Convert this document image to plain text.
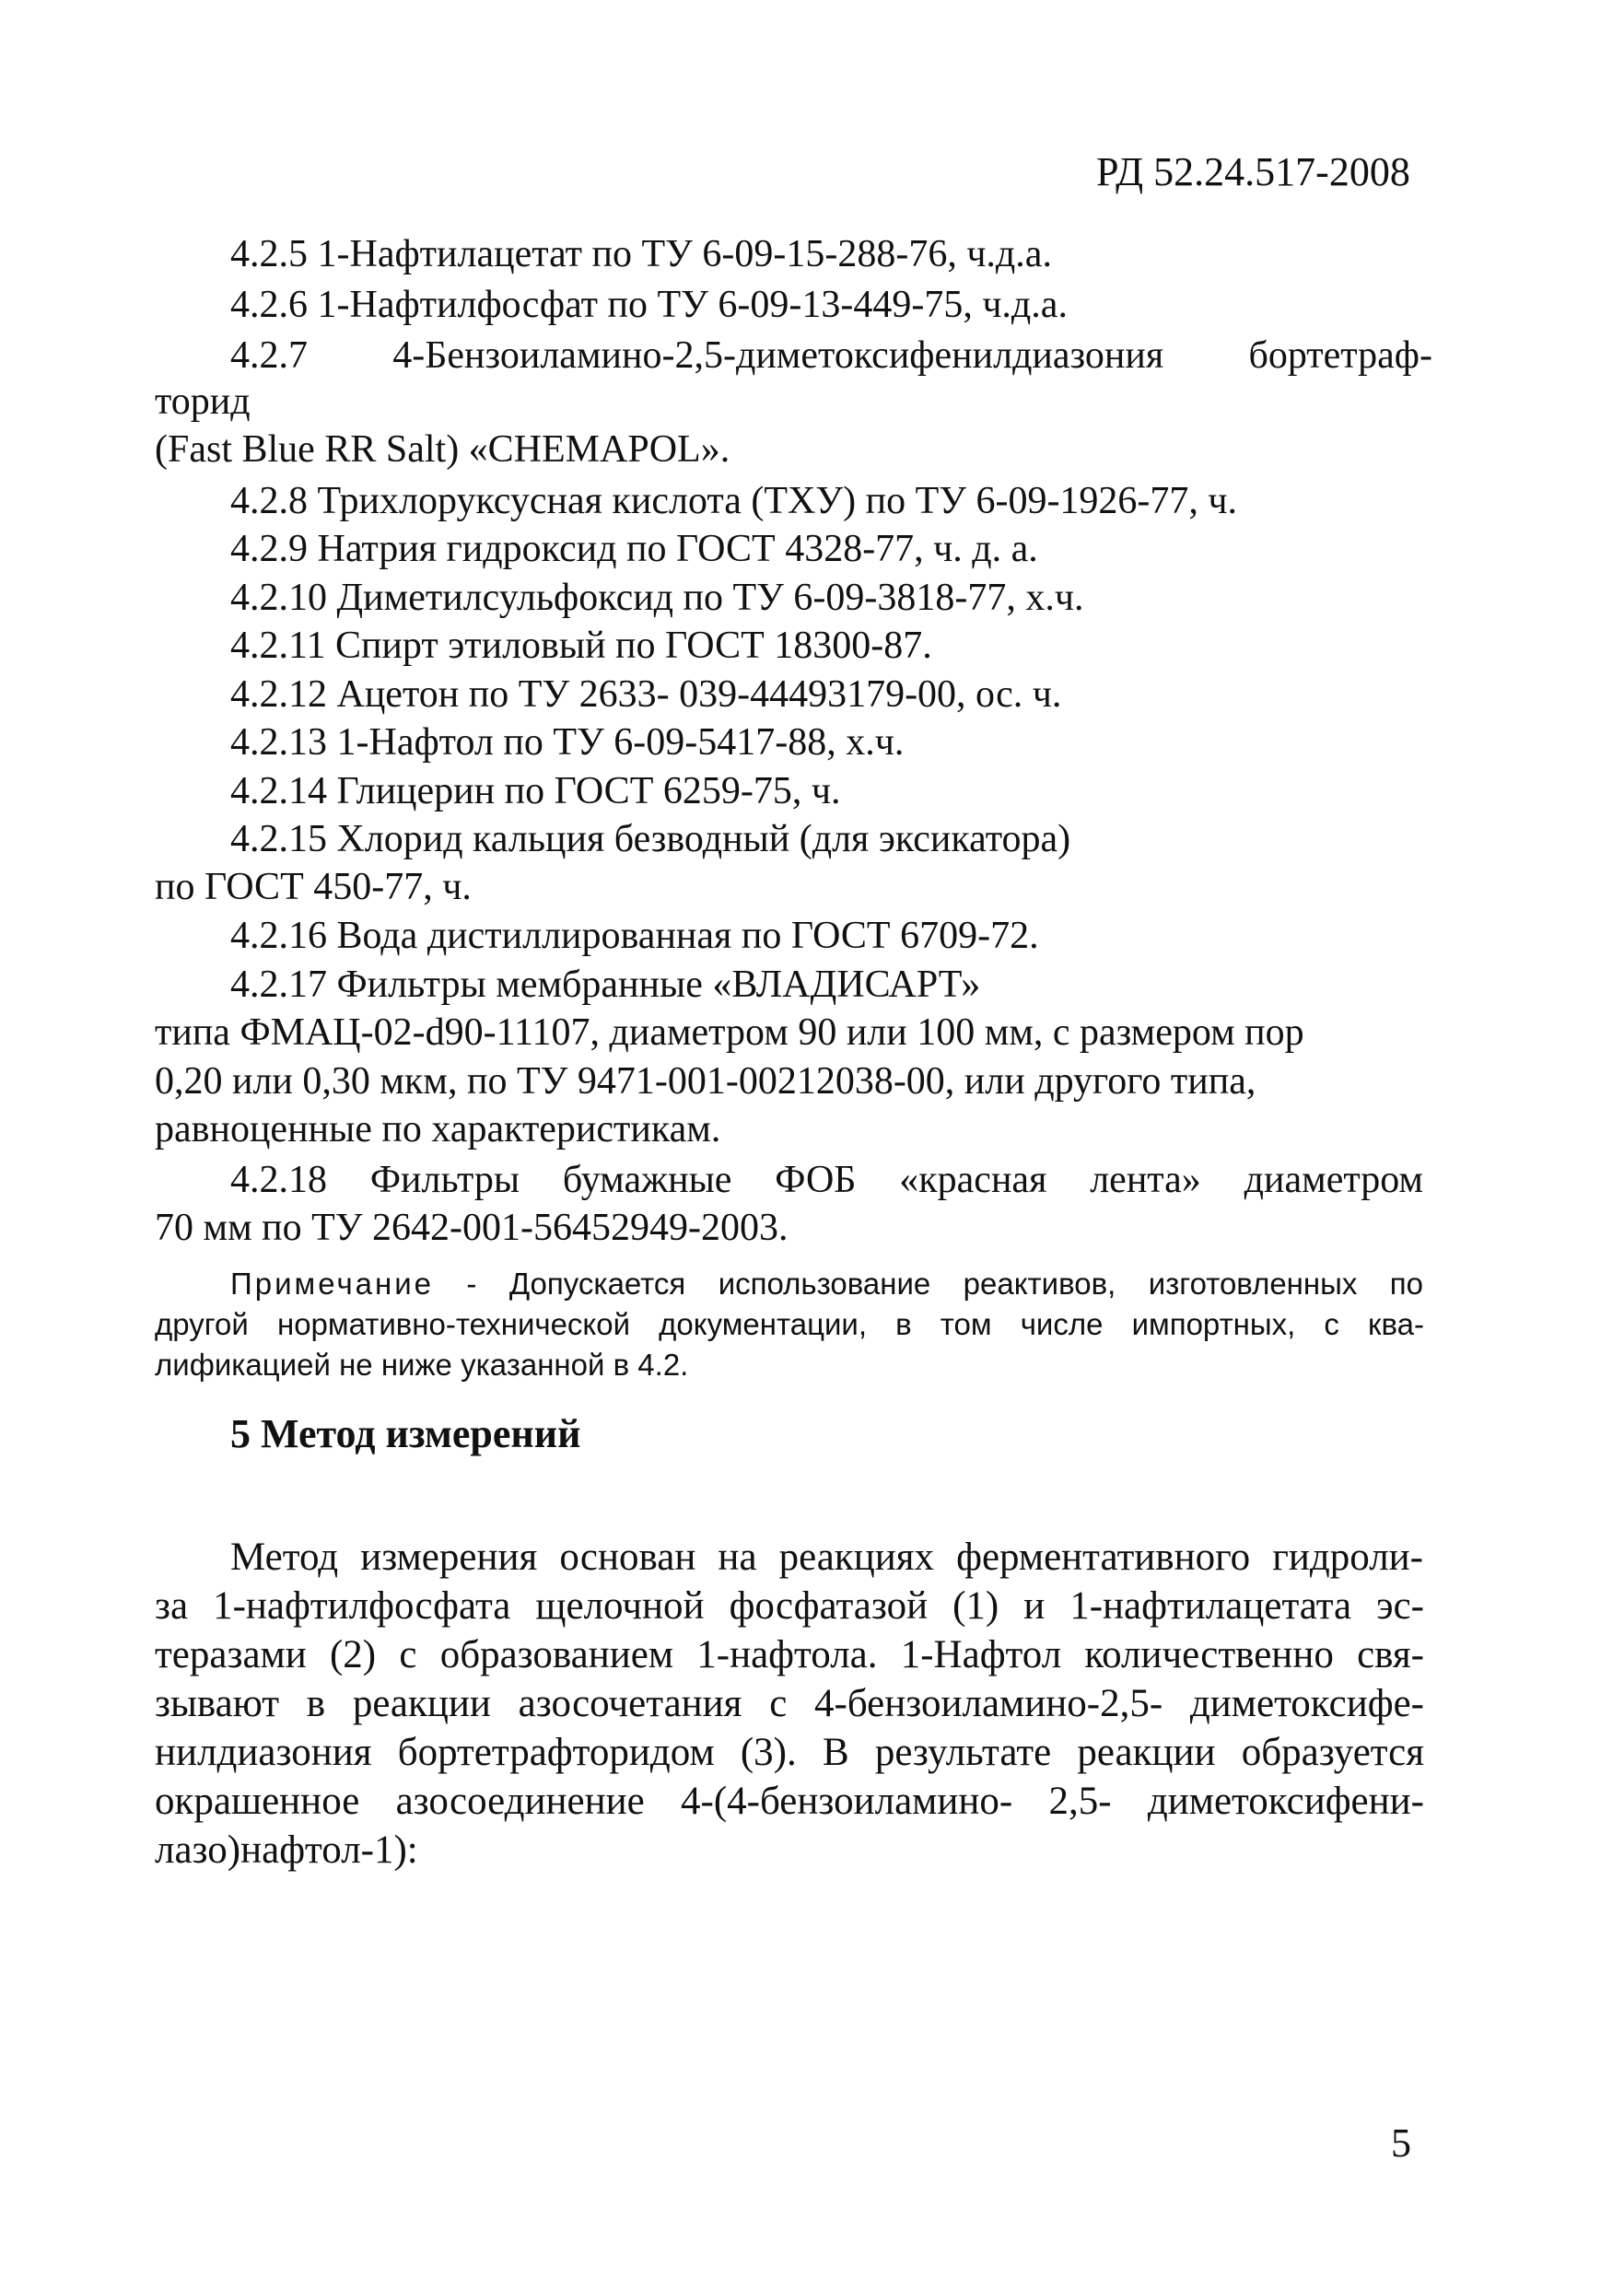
РД 52.24.517-2008
4.2.5 1-Нафтилацетат по ТУ 6-09-15-288-76, ч.д.а.
4.2.6 1-Нафтилфосфат по ТУ 6-09-13-449-75, ч.д.а.
4.2.7 4-Бензоиламино-2,5-диметоксифенилдиазония бортетраф-
торид
(Fast Blue RR Salt) «CHEMAPOL».
4.2.8 Трихлоруксусная кислота (ТХУ) по ТУ 6-09-1926-77, ч.
4.2.9 Натрия гидроксид по ГОСТ 4328-77, ч. д. а.
4.2.10 Диметилсульфоксид по ТУ 6-09-3818-77, х.ч.
4.2.11 Спирт этиловый по ГОСТ 18300-87.
4.2.12 Ацетон по ТУ 2633- 039-44493179-00, ос. ч.
4.2.13 1-Нафтол по ТУ 6-09-5417-88, х.ч.
4.2.14 Глицерин по ГОСТ 6259-75, ч.
4.2.15 Хлорид кальция безводный (для эксикатора)
по ГОСТ 450-77, ч.
4.2.16 Вода дистиллированная по ГОСТ 6709-72.
4.2.17 Фильтры мембранные «ВЛАДИСАРТ»
типа ФМАЦ-02-d90-11107, диаметром 90 или 100 мм, с размером пор
0,20 или 0,30 мкм, по ТУ 9471-001-00212038-00, или другого типа,
равноценные по характеристикам.
4.2.18 Фильтры бумажные ФОБ «красная лента» диаметром
70 мм по ТУ 2642-001-56452949-2003.
Примечание - Допускается использование реактивов, изготовленных по
другой нормативно-технической документации, в том числе импортных, с ква-
лификацией не ниже указанной в 4.2.
5 Метод измерений
Метод измерения основан на реакциях ферментативного гидроли-
за 1-нафтилфосфата щелочной фосфатазой (1) и 1-нафтилацетата эс-
теразами (2) с образованием 1-нафтола. 1-Нафтол количественно свя-
зывают в реакции азосочетания с 4-бензоиламино-2,5- диметоксифе-
нилдиазония бортетрафторидом (3). В результате реакции образуется
окрашенное азосоединение 4-(4-бензоиламино- 2,5- диметоксифени-
лазо)нафтол-1):
5
